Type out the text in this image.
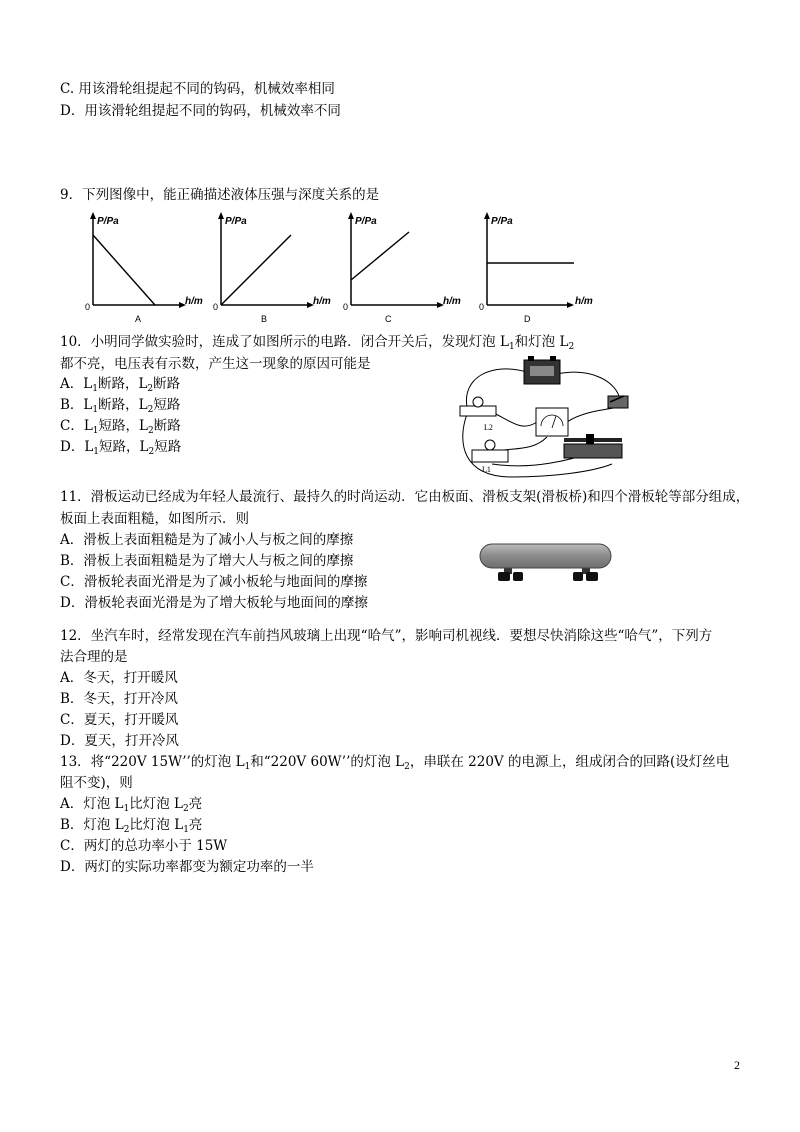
C. 用该滑轮组提起不同的钩码，机械效率相同
D．用该滑轮组提起不同的钩码，机械效率不同
9．下列图像中，能正确描述液体压强与深度关系的是
P/Pa
h/m
0
A
P/Pa
h/m
0
B
P/Pa
h/m
0
C
P/Pa
h/m
0
D
10．小明同学做实验时，连成了如图所示的电路．闭合开关后，发现灯泡 $L_1$和灯泡 $L_2$
都不亮，电压表有示数，产生这一现象的原因可能是
A．$L_1$断路，$L_2$断路
B．$L_1$断路，$L_2$短路
C．$L_1$短路，$L_2$断路
D．$L_1$短路，$L_2$短路
L2
L1
11．滑板运动已经成为年轻人最流行、最持久的时尚运动．它由板面、滑板支架(滑板桥)和四个滑板轮等部分组成，
板面上表面粗糙，如图所示．则
A．滑板上表面粗糙是为了减小人与板之间的摩擦
B．滑板上表面粗糙是为了增大人与板之间的摩擦
C．滑板轮表面光滑是为了减小板轮与地面间的摩擦
D．滑板轮表面光滑是为了增大板轮与地面间的摩擦
12．坐汽车时，经常发现在汽车前挡风玻璃上出现“哈气”，影响司机视线．要想尽快消除这些“哈气”，下列方
法合理的是
A．冬天，打开暖风
B．冬天，打开冷风
C．夏天，打开暖风
D．夏天，打开冷风
13．将“220V 15W’’的灯泡 $L_1$和“220V 60W’’的灯泡 $L_2$，串联在 220V 的电源上，组成闭合的回路(设灯丝电
阻不变)，则
A．灯泡 $L_1$比灯泡 $L_2$亮
B．灯泡 $L_2$比灯泡 $L_1$亮
C．两灯的总功率小于 15W
D．两灯的实际功率都变为额定功率的一半
2
